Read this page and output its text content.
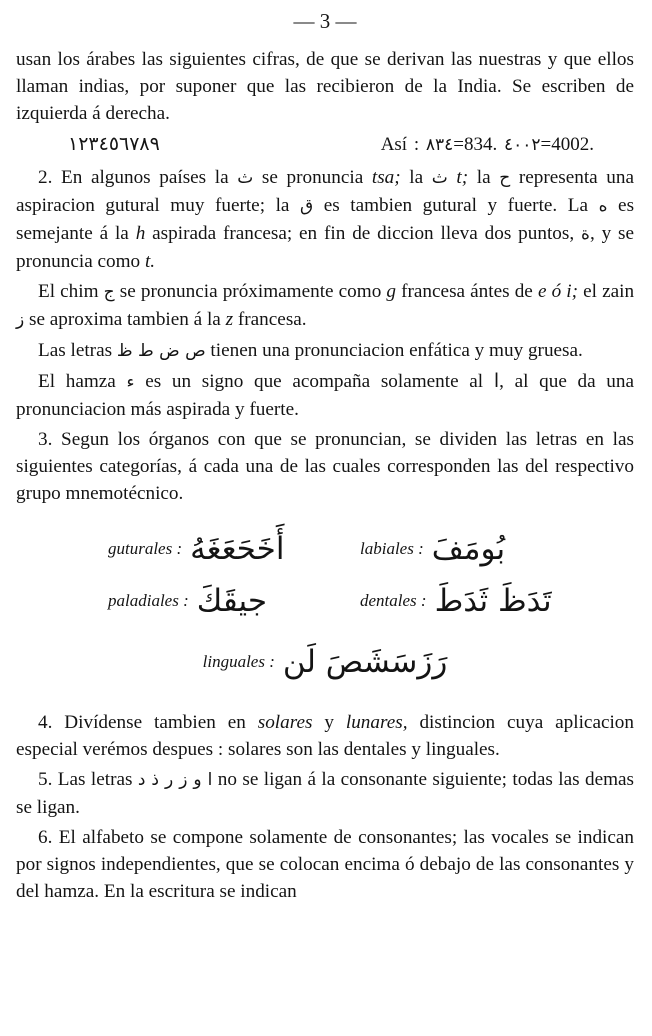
— 3 —

usan los árabes las siguientes cifras, de que se derivan las nuestras y que ellos llaman indias, por suponer que las recibieron de la India. Se escriben de izquierda á derecha.

١٢٣٤٥٦٧٨٩	Así : ٨٣٤=834. ٤٠٠٢=4002.

2. En algunos países la ث se pronuncia tsa; la ث t; la ح representa una aspiracion gutural muy fuerte; la ق es tambien gutural y fuerte. La ه es semejante á la h aspirada francesa; en fin de diccion lleva dos puntos, ة, y se pronuncia como t.

El chim ج se pronuncia próximamente como g francesa ántes de e ó i; el zain ز se aproxima tambien á la z francesa.

Las letras ص ض ط ظ tienen una pronunciacion enfática y muy gruesa.

El hamza ء es un signo que acompaña solamente al ا, al que da una pronunciacion más aspirada y fuerte.

3. Segun los órganos con que se pronuncian, se dividen las letras en las siguientes categorías, á cada una de las cuales corresponden las del respectivo grupo mnemotécnico.

guturales : أَخَحَعَغَهُ	labiales : بُومَفَ
paladiales : جيقَكَ	dentales : تَدَظَ ثَدَطَ
linguales : رَزَسَشَصَ لَن

4. Divídense tambien en solares y lunares, distincion cuya aplicacion especial verémos despues : solares son las dentales y linguales.

5. Las letras ا و ز ر ذ د no se ligan á la consonante siguiente; todas las demas se ligan.

6. El alfabeto se compone solamente de consonantes; las vocales se indican por signos independientes, que se colocan encima ó debajo de las consonantes y del hamza. En la escritura se indican
